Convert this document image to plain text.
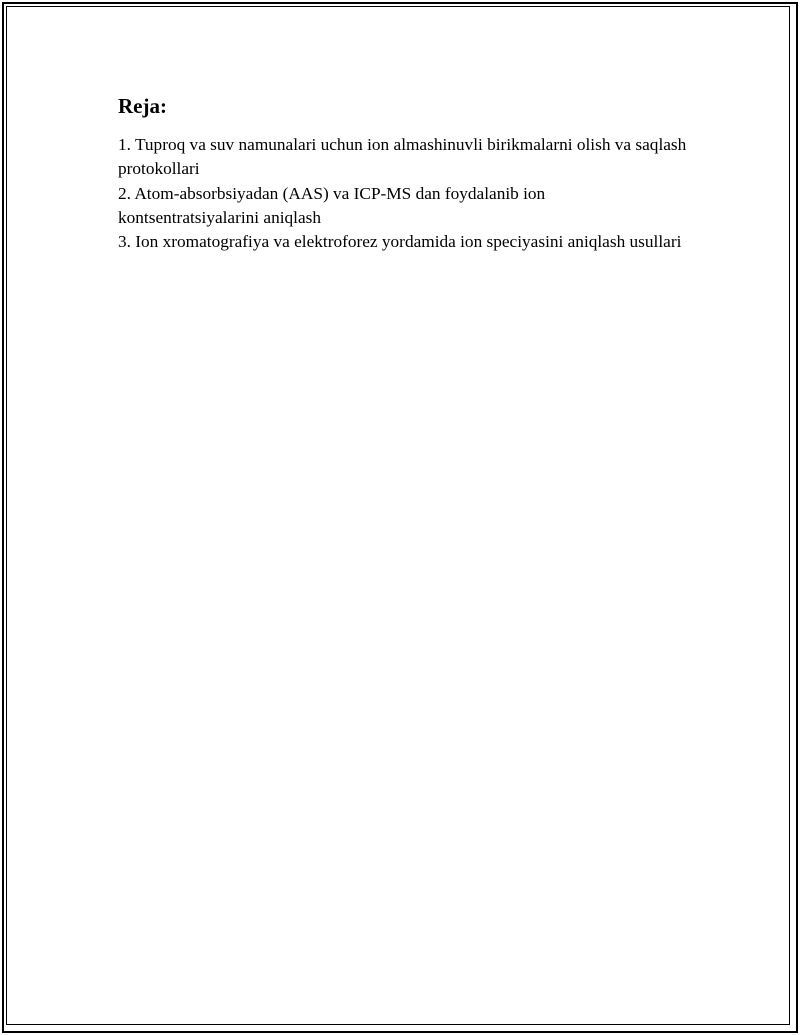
Reja:
1. Tuproq va suv namunalari uchun ion almashinuvli birikmalarni olish va saqlash protokollari
2. Atom-absorbsiyadan (AAS) va ICP-MS dan foydalanib ion kontsentratsiyalarini aniqlash
3. Ion xromatografiya va elektroforez yordamida ion speciyasini aniqlash usullari
